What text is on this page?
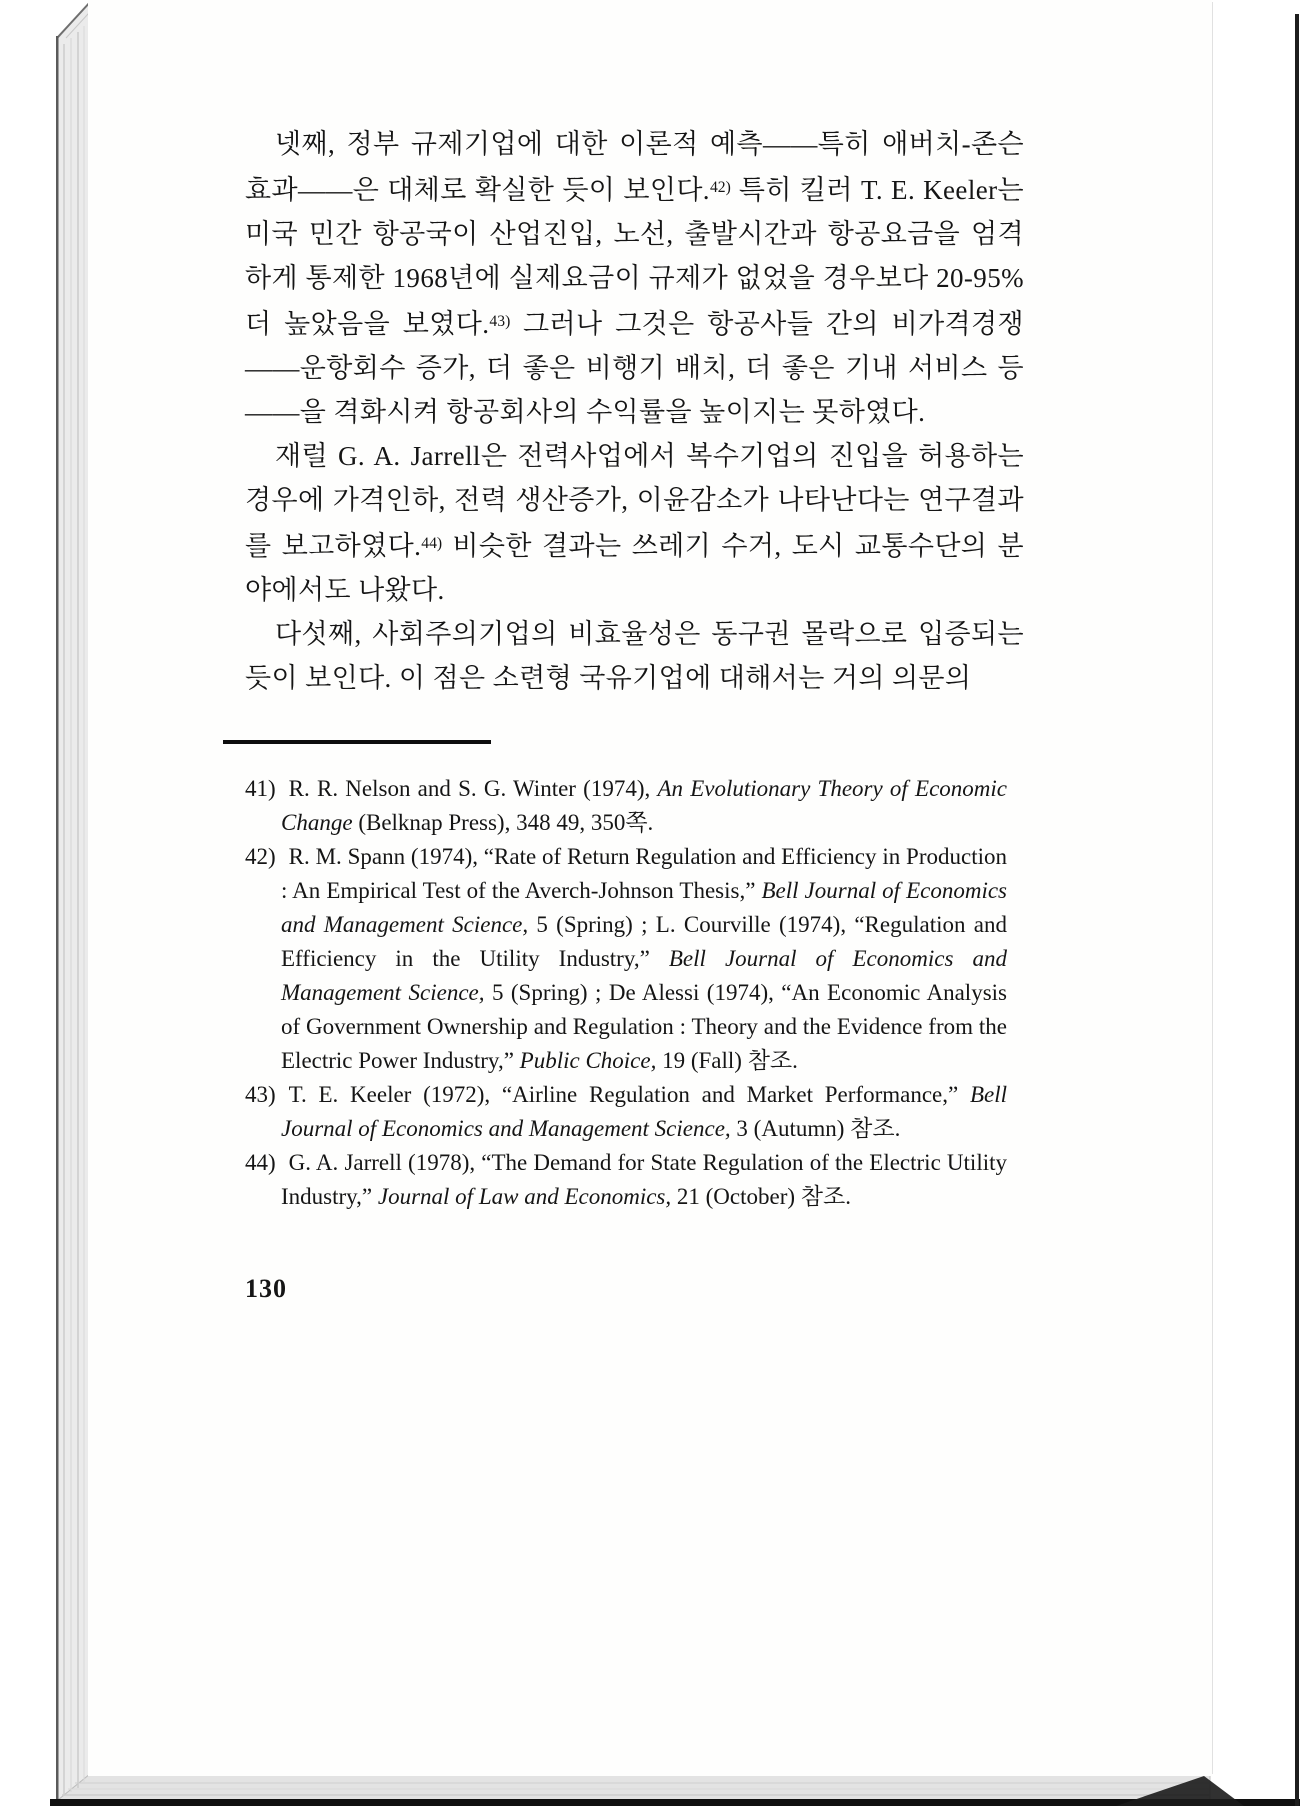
넷째, 정부 규제기업에 대한 이론적 예측——특히 애버치-존슨 효과——은 대체로 확실한 듯이 보인다.$^{42)}$ 특히 킬러 T. E. Keeler는 미국 민간 항공국이 산업진입, 노선, 출발시간과 항공요금을 엄격하게 통제한 1968년에 실제요금이 규제가 없었을 경우보다 20-95% 더 높았음을 보였다.$^{43)}$ 그러나 그것은 항공사들 간의 비가격경쟁——운항회수 증가, 더 좋은 비행기 배치, 더 좋은 기내 서비스 등——을 격화시켜 항공회사의 수익률을 높이지는 못하였다.

재럴 G. A. Jarrell은 전력사업에서 복수기업의 진입을 허용하는 경우에 가격인하, 전력 생산증가, 이윤감소가 나타난다는 연구결과를 보고하였다.$^{44)}$ 비슷한 결과는 쓰레기 수거, 도시 교통수단의 분야에서도 나왔다.

다섯째, 사회주의기업의 비효율성은 동구권 몰락으로 입증되는 듯이 보인다. 이 점은 소련형 국유기업에 대해서는 거의 의문의

41) R. R. Nelson and S. G. Winter (1974), An Evolutionary Theory of Economic Change (Belknap Press), 348 49, 350쪽.
42) R. M. Spann (1974), “Rate of Return Regulation and Efficiency in Production : An Empirical Test of the Averch-Johnson Thesis,” Bell Journal of Economics and Management Science, 5 (Spring) ; L. Courville (1974), “Regulation and Efficiency in the Utility Industry,” Bell Journal of Economics and Management Science, 5 (Spring) ; De Alessi (1974), “An Economic Analysis of Government Ownership and Regulation : Theory and the Evidence from the Electric Power Industry,” Public Choice, 19 (Fall) 참조.
43) T. E. Keeler (1972), “Airline Regulation and Market Performance,” Bell Journal of Economics and Management Science, 3 (Autumn) 참조.
44) G. A. Jarrell (1978), “The Demand for State Regulation of the Electric Utility Industry,” Journal of Law and Economics, 21 (October) 참조.
130
